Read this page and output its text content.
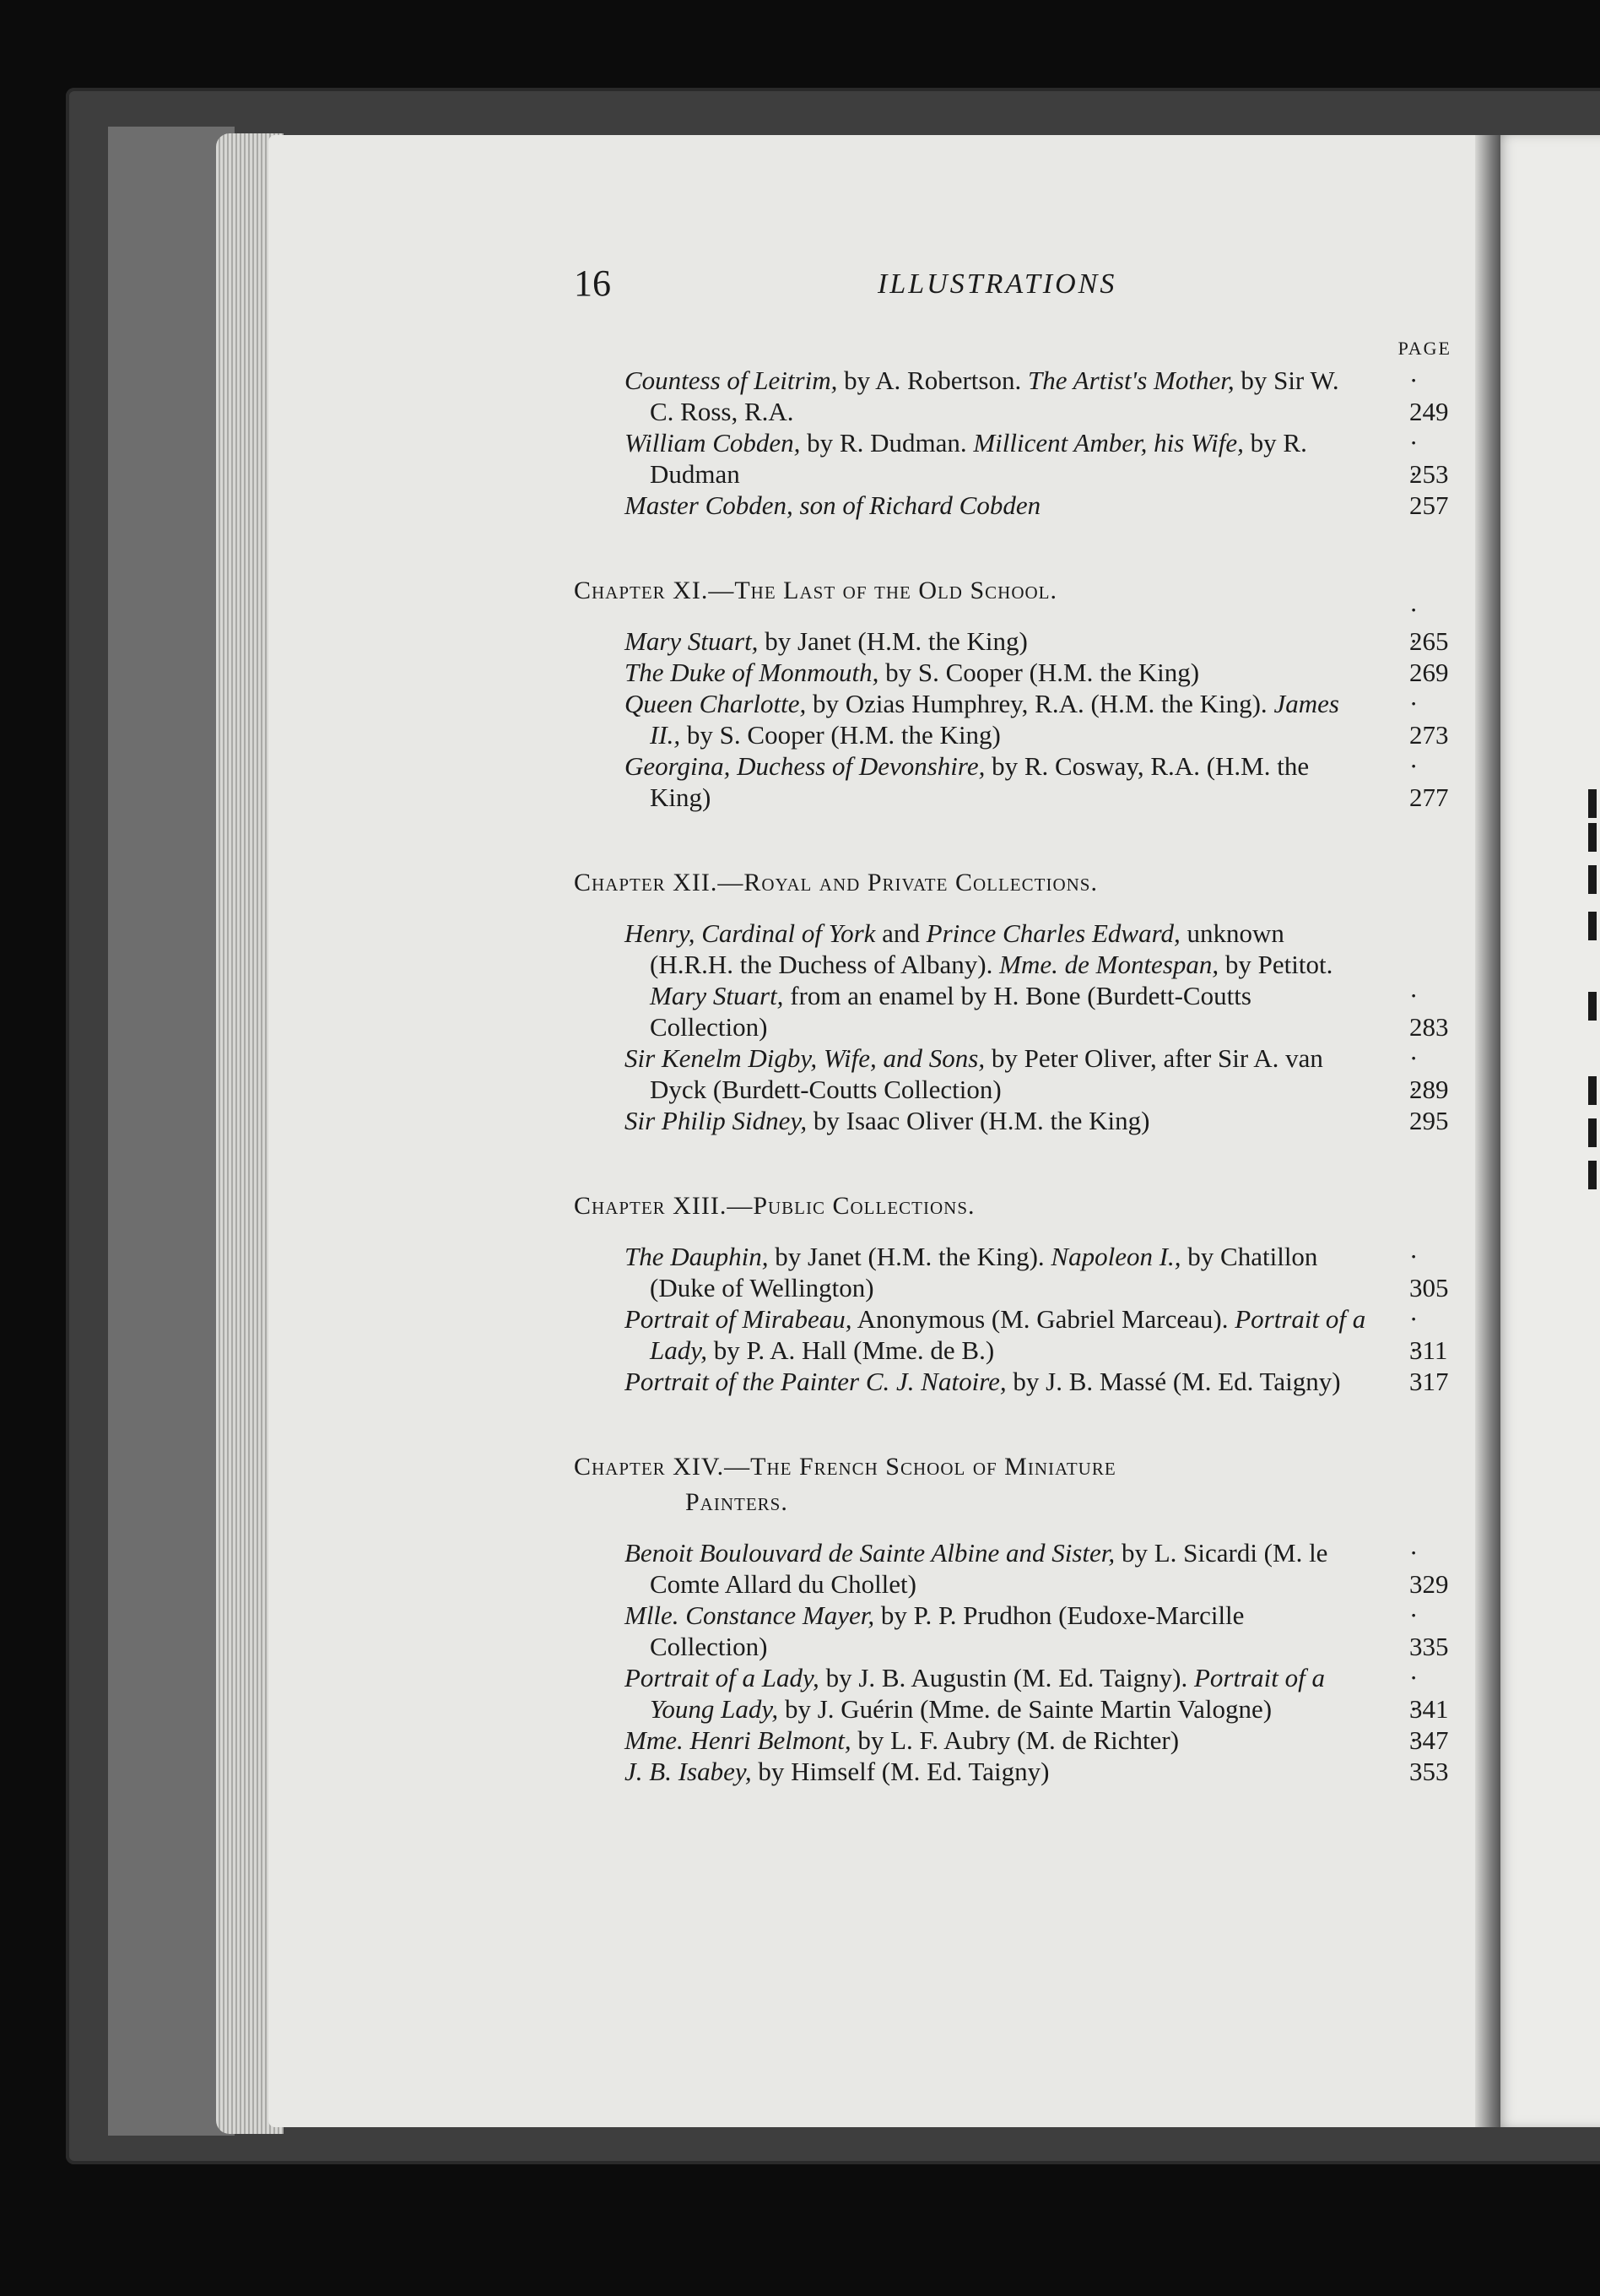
16	ILLUSTRATIONS
PAGE
Countess of Leitrim, by A. Robertson. The Artist's Mother, by Sir W. C. Ross, R.A.	· 249
William Cobden, by R. Dudman. Millicent Amber, his Wife, by R. Dudman	· 253
Master Cobden, son of Richard Cobden	· 257
Chapter XI.—The Last of the Old School.
Mary Stuart, by Janet (H.M. the King)	· 265
The Duke of Monmouth, by S. Cooper (H.M. the King)	· 269
Queen Charlotte, by Ozias Humphrey, R.A. (H.M. the King). James II., by S. Cooper (H.M. the King)	· 273
Georgina, Duchess of Devonshire, by R. Cosway, R.A. (H.M. the King)	· 277
Chapter XII.—Royal and Private Collections.
Henry, Cardinal of York and Prince Charles Edward, unknown (H.R.H. the Duchess of Albany). Mme. de Montespan, by Petitot. Mary Stuart, from an enamel by H. Bone (Burdett-Coutts Collection)	· 283
Sir Kenelm Digby, Wife, and Sons, by Peter Oliver, after Sir A. van Dyck (Burdett-Coutts Collection)	· 289
Sir Philip Sidney, by Isaac Oliver (H.M. the King)	· 295
Chapter XIII.—Public Collections.
The Dauphin, by Janet (H.M. the King). Napoleon I., by Chatillon (Duke of Wellington)	· 305
Portrait of Mirabeau, Anonymous (M. Gabriel Marceau). Portrait of a Lady, by P. A. Hall (Mme. de B.)	· 311
Portrait of the Painter C. J. Natoire, by J. B. Massé (M. Ed. Taigny)	· 317
Chapter XIV.—The French School of Miniature
Painters.
Benoit Boulouvard de Sainte Albine and Sister, by L. Sicardi (M. le Comte Allard du Chollet)	· 329
Mlle. Constance Mayer, by P. P. Prudhon (Eudoxe-Marcille Collection)	· 335
Portrait of a Lady, by J. B. Augustin (M. Ed. Taigny). Portrait of a Young Lady, by J. Guérin (Mme. de Sainte Martin Valogne)	· 341
Mme. Henri Belmont, by L. F. Aubry (M. de Richter)	· 347
J. B. Isabey, by Himself (M. Ed. Taigny)	· 353
